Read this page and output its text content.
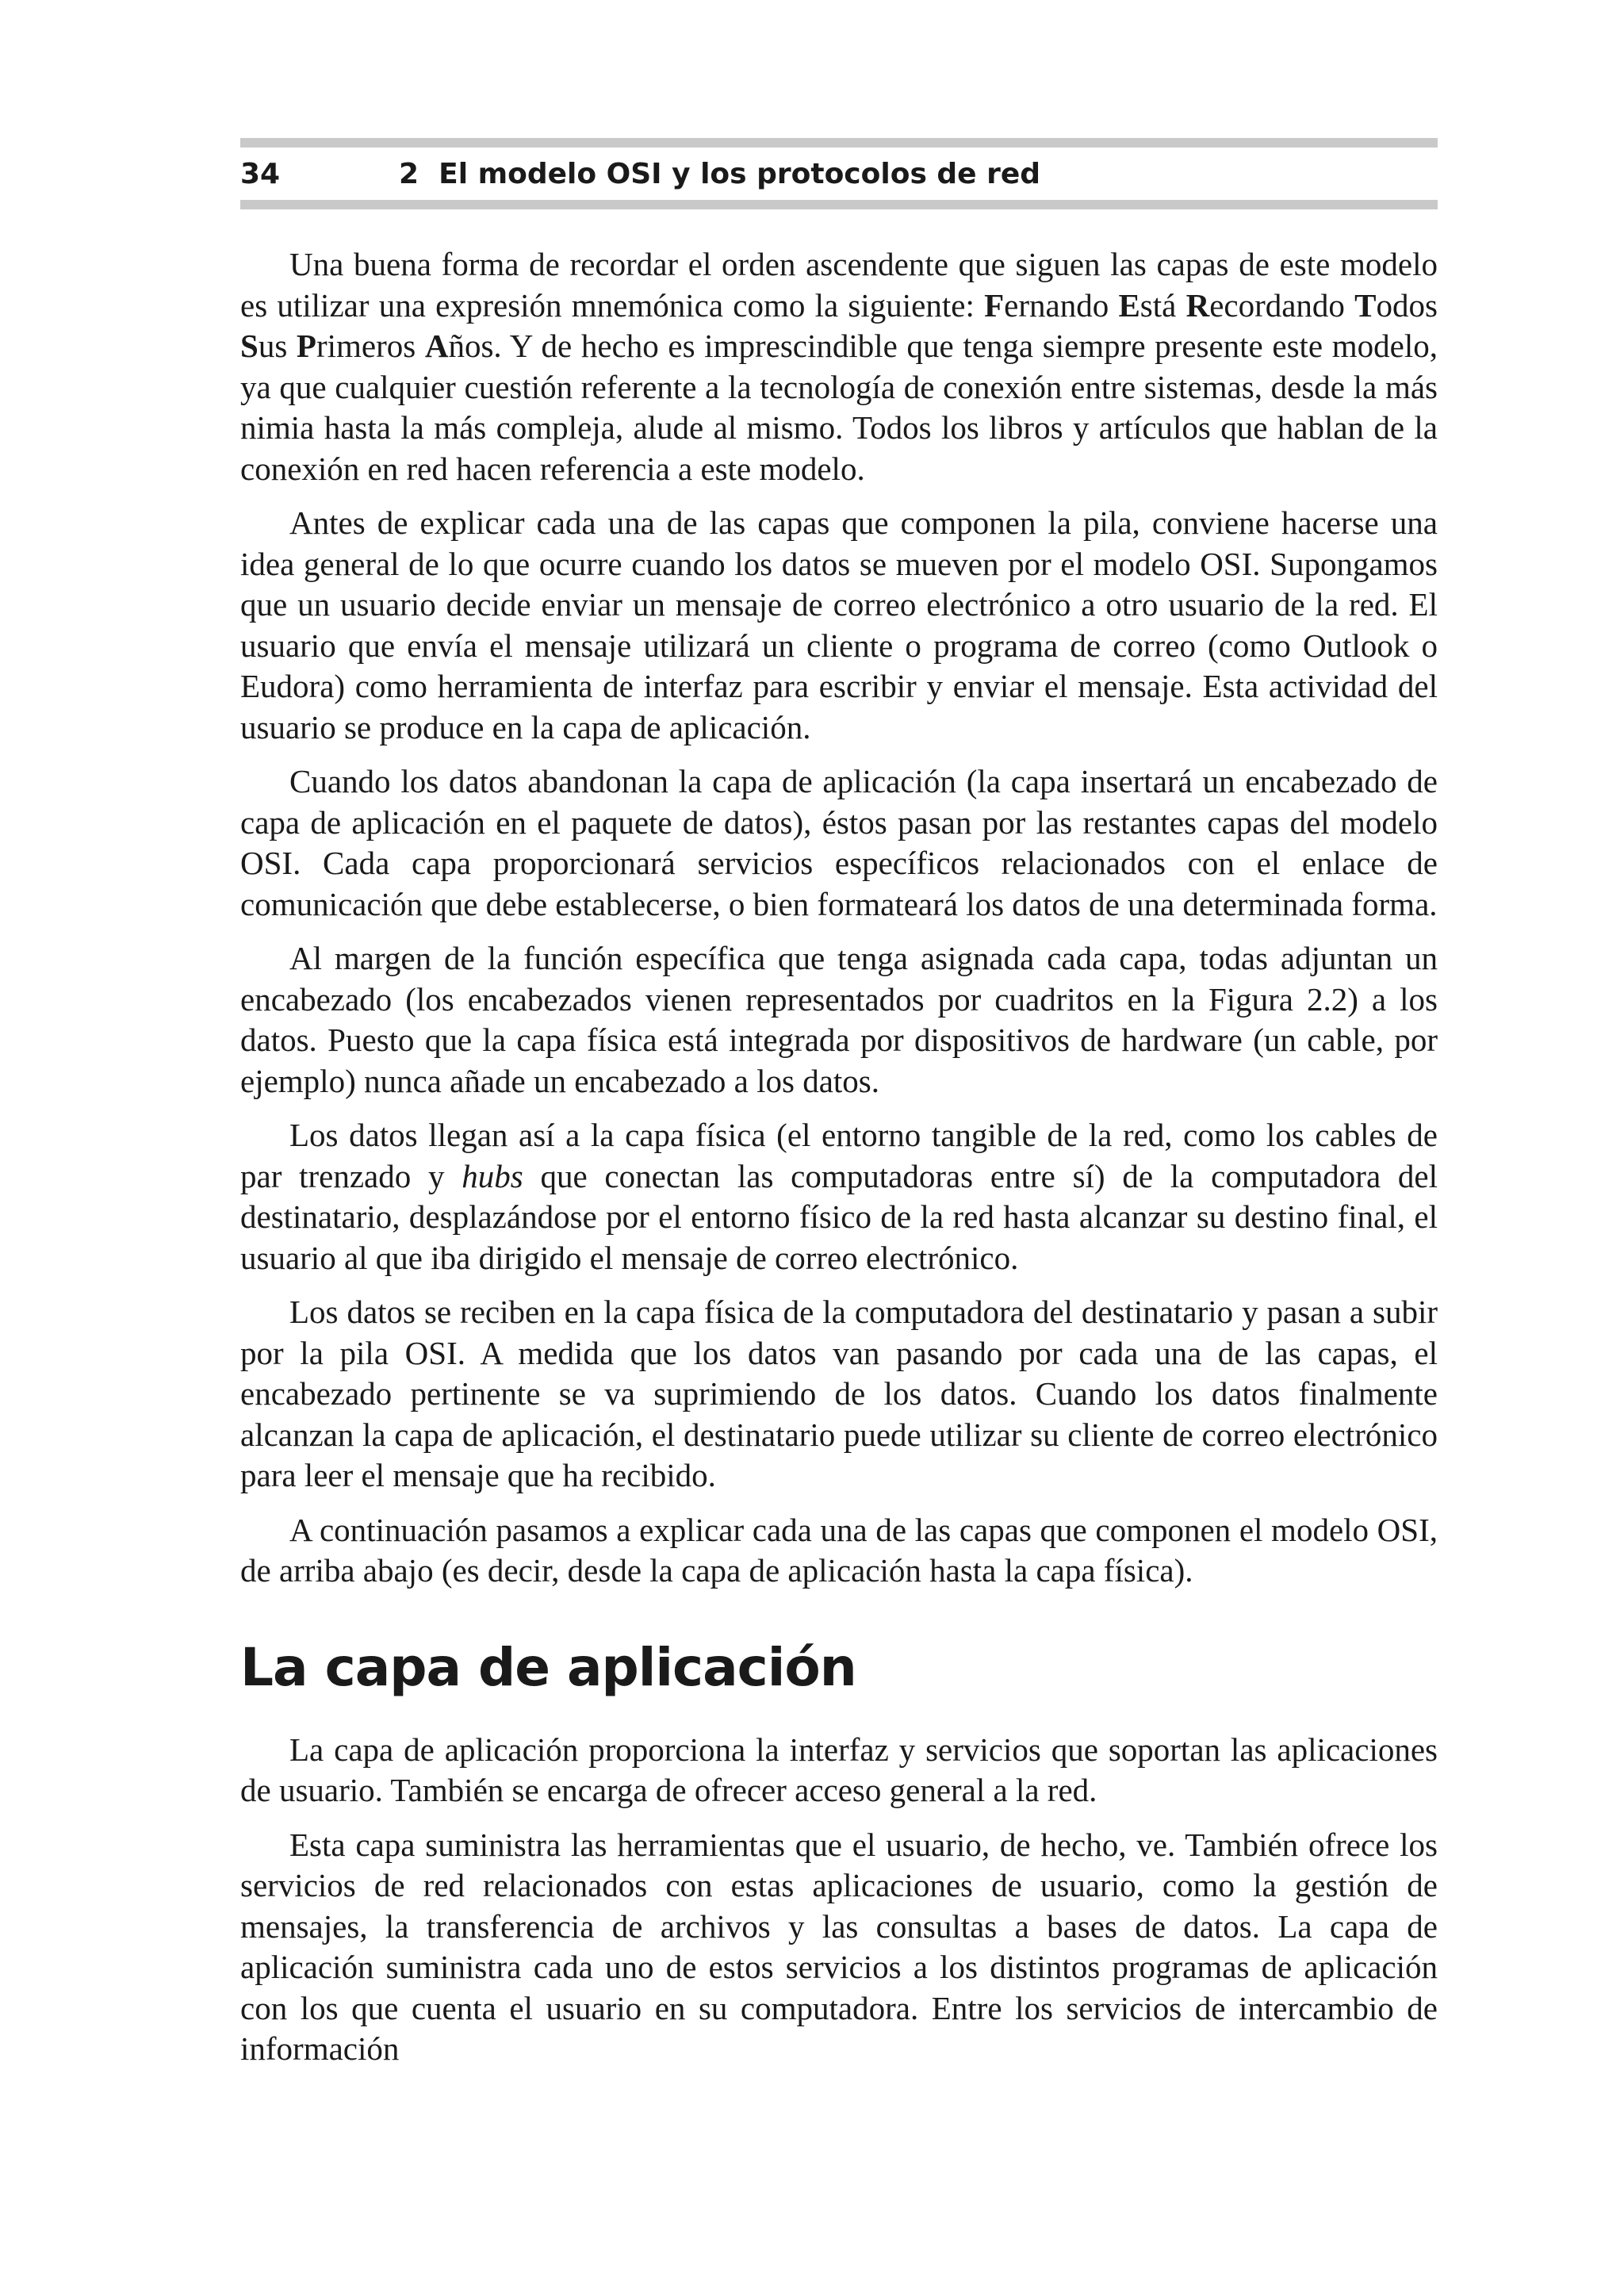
34	2  El modelo OSI y los protocolos de red

Una buena forma de recordar el orden ascendente que siguen las capas de este modelo es utilizar una expresión mnemónica como la siguiente: Fernando Está Recordando Todos Sus Primeros Años. Y de hecho es imprescindible que tenga siempre presente este modelo, ya que cualquier cuestión referente a la tecnología de conexión entre sistemas, desde la más nimia hasta la más compleja, alude al mismo. Todos los libros y artículos que hablan de la conexión en red hacen referencia a este modelo.

Antes de explicar cada una de las capas que componen la pila, conviene hacerse una idea general de lo que ocurre cuando los datos se mueven por el modelo OSI. Supongamos que un usuario decide enviar un mensaje de correo electrónico a otro usuario de la red. El usuario que envía el mensaje utilizará un cliente o programa de correo (como Outlook o Eudora) como herramienta de interfaz para escribir y enviar el mensaje. Esta actividad del usuario se produce en la capa de aplicación.

Cuando los datos abandonan la capa de aplicación (la capa insertará un encabezado de capa de aplicación en el paquete de datos), éstos pasan por las restantes capas del modelo OSI. Cada capa proporcionará servicios específicos relacionados con el enlace de comunicación que debe establecerse, o bien formateará los datos de una determinada forma.

Al margen de la función específica que tenga asignada cada capa, todas adjuntan un encabezado (los encabezados vienen representados por cuadritos en la Figura 2.2) a los datos. Puesto que la capa física está integrada por dispositivos de hardware (un cable, por ejemplo) nunca añade un encabezado a los datos.

Los datos llegan así a la capa física (el entorno tangible de la red, como los cables de par trenzado y hubs que conectan las computadoras entre sí) de la computadora del destinatario, desplazándose por el entorno físico de la red hasta alcanzar su destino final, el usuario al que iba dirigido el mensaje de correo electrónico.

Los datos se reciben en la capa física de la computadora del destinatario y pasan a subir por la pila OSI. A medida que los datos van pasando por cada una de las capas, el encabezado pertinente se va suprimiendo de los datos. Cuando los datos finalmente alcanzan la capa de aplicación, el destinatario puede utilizar su cliente de correo electrónico para leer el mensaje que ha recibido.

A continuación pasamos a explicar cada una de las capas que componen el modelo OSI, de arriba abajo (es decir, desde la capa de aplicación hasta la capa física).

La capa de aplicación

La capa de aplicación proporciona la interfaz y servicios que soportan las aplicaciones de usuario. También se encarga de ofrecer acceso general a la red.

Esta capa suministra las herramientas que el usuario, de hecho, ve. También ofrece los servicios de red relacionados con estas aplicaciones de usuario, como la gestión de mensajes, la transferencia de archivos y las consultas a bases de datos. La capa de aplicación suministra cada uno de estos servicios a los distintos programas de aplicación con los que cuenta el usuario en su computadora. Entre los servicios de intercambio de información
